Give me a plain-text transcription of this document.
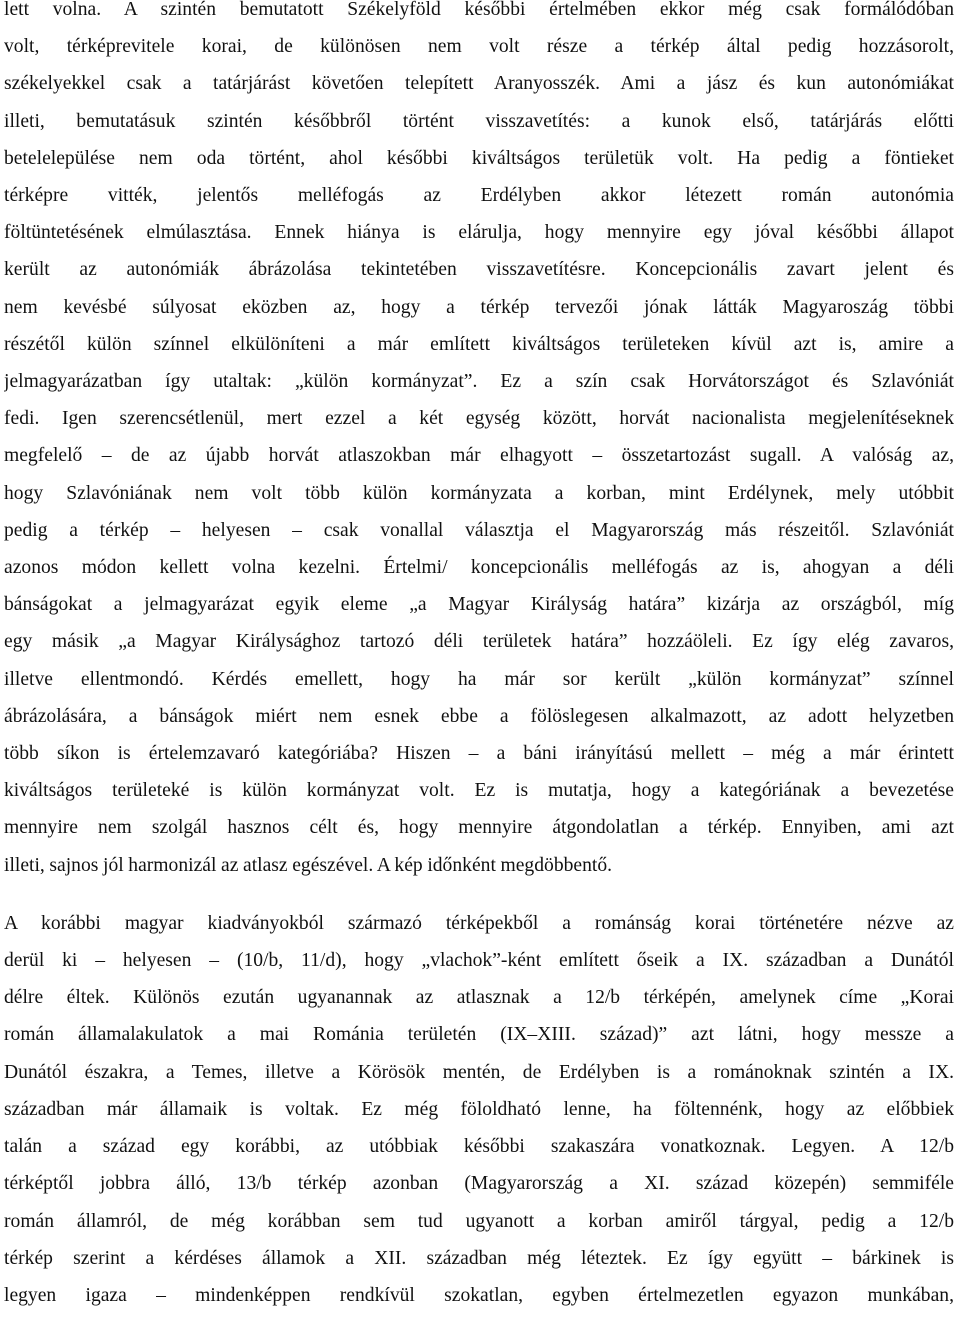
lett volna. A szintén bemutatott Székelyföld későbbi értelmében ekkor még csak formálódóban
volt, térképrevitele korai, de különösen nem volt része a térkép által pedig hozzásorolt,
székelyekkel csak a tatárjárást követően telepített Aranyosszék. Ami a jász és kun autonómiákat
illeti, bemutatásuk szintén későbbről történt visszavetítés: a kunok első, tatárjárás előtti
betelelepülése nem oda történt, ahol későbbi kiváltságos területük volt. Ha pedig a föntieket
térképre vitték, jelentős melléfogás az Erdélyben akkor létezett román autonómia
föltüntetésének elmúlasztása. Ennek hiánya is elárulja, hogy mennyire egy jóval későbbi állapot
került az autonómiák ábrázolása tekintetében visszavetítésre. Koncepcionális zavart jelent és
nem kevésbé súlyosat eközben az, hogy a térkép tervezői jónak látták Magyaroszág többi
részétől külön színnel elkülöníteni a már említett kiváltságos területeken kívül azt is, amire a
jelmagyarázatban így utaltak: „külön kormányzat”. Ez a szín csak Horvátországot és Szlavóniát
fedi. Igen szerencsétlenül, mert ezzel a két egység között, horvát nacionalista megjelenítéseknek
megfelelő – de az újabb horvát atlaszokban már elhagyott – összetartozást sugall. A valóság az,
hogy Szlavóniának nem volt több külön kormányzata a korban, mint Erdélynek, mely utóbbit
pedig a térkép – helyesen – csak vonallal választja el Magyarország más részeitől. Szlavóniát
azonos módon kellett volna kezelni. Értelmi/ koncepcionális melléfogás az is, ahogyan a déli
bánságokat a jelmagyarázat egyik eleme „a Magyar Királyság határa” kizárja az országból, míg
egy másik „a Magyar Királysághoz tartozó déli területek határa” hozzáöleli. Ez így elég zavaros,
illetve ellentmondó. Kérdés emellett, hogy ha már sor került „külön kormányzat” színnel
ábrázolására, a bánságok miért nem esnek ebbe a fölöslegesen alkalmazott, az adott helyzetben
több síkon is értelemzavaró kategóriába? Hiszen – a báni irányítású mellett – még a már érintett
kiváltságos területeké is külön kormányzat volt. Ez is mutatja, hogy a kategóriának a bevezetése
mennyire nem szolgál hasznos célt és, hogy mennyire átgondolatlan a térkép. Ennyiben, ami azt
illeti, sajnos jól harmonizál az atlasz egészével. A kép időnként megdöbbentő.
A korábbi magyar kiadványokból származó térképekből a románság korai történetére nézve az
derül ki – helyesen – (10/b, 11/d), hogy „vlachok”-ként említett őseik a IX. században a Dunától
délre éltek. Különös ezután ugyanannak az atlasznak a 12/b térképén, amelynek címe „Korai
román államalakulatok a mai Románia területén (IX–XIII. század)” azt látni, hogy messze a
Dunától északra, a Temes, illetve a Körösök mentén, de Erdélyben is a románoknak szintén a IX.
században már államaik is voltak. Ez még föloldható lenne, ha föltennénk, hogy az előbbiek
talán a század egy korábbi, az utóbbiak későbbi szakaszára vonatkoznak. Legyen. A 12/b
térképtől jobbra álló, 13/b térkép azonban (Magyarország a XI. század közepén) semmiféle
román államról, de még korábban sem tud ugyanott a korban amiről tárgyal, pedig a 12/b
térkép szerint a kérdéses államok a XII. században még léteztek. Ez így együtt – bárkinek is
legyen igaza – mindenképpen rendkívül szokatlan, egyben értelmezetlen egyazon munkában,
